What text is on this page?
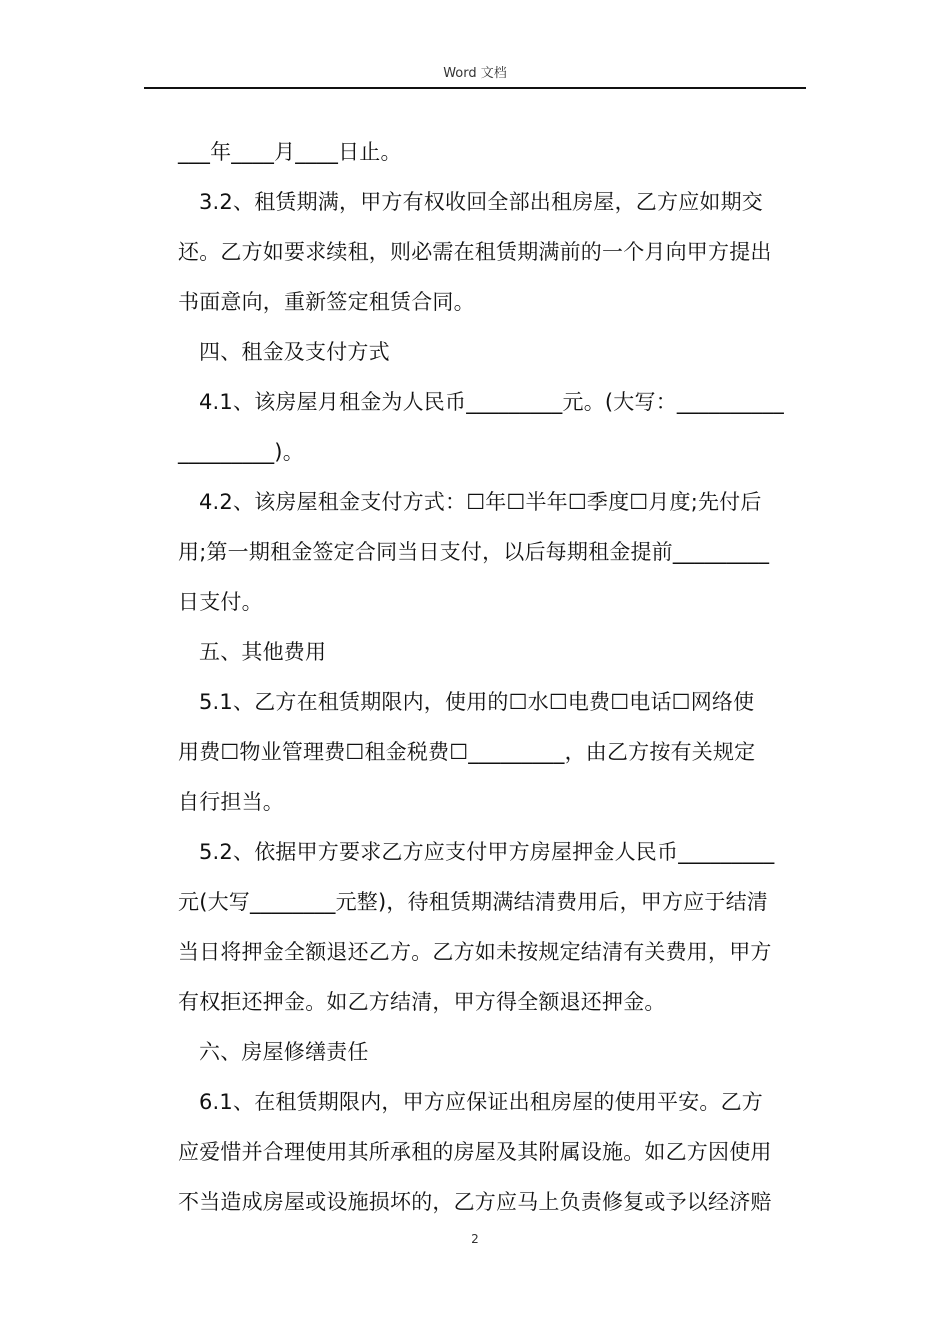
Word 文档
___年____月____日止。
3.2、租赁期满，甲方有权收回全部出租房屋，乙方应如期交
还。乙方如要求续租，则必需在租赁期满前的一个月向甲方提出
书面意向，重新签定租赁合同。
四、租金及支付方式
4.1、该房屋月租金为人民币_________元。(大写：__________
_________)。
4.2、该房屋租金支付方式：☐年☐半年☐季度☐月度;先付后
用;第一期租金签定合同当日支付，以后每期租金提前_________
日支付。
五、其他费用
5.1、乙方在租赁期限内，使用的☐水☐电费☐电话☐网络使
用费☐物业管理费☐租金税费☐_________，由乙方按有关规定
自行担当。
5.2、依据甲方要求乙方应支付甲方房屋押金人民币_________
元(大写________元整)，待租赁期满结清费用后，甲方应于结清
当日将押金全额退还乙方。乙方如未按规定结清有关费用，甲方
有权拒还押金。如乙方结清，甲方得全额退还押金。
六、房屋修缮责任
6.1、在租赁期限内，甲方应保证出租房屋的使用平安。乙方
应爱惜并合理使用其所承租的房屋及其附属设施。如乙方因使用
不当造成房屋或设施损坏的，乙方应马上负责修复或予以经济赔
2
